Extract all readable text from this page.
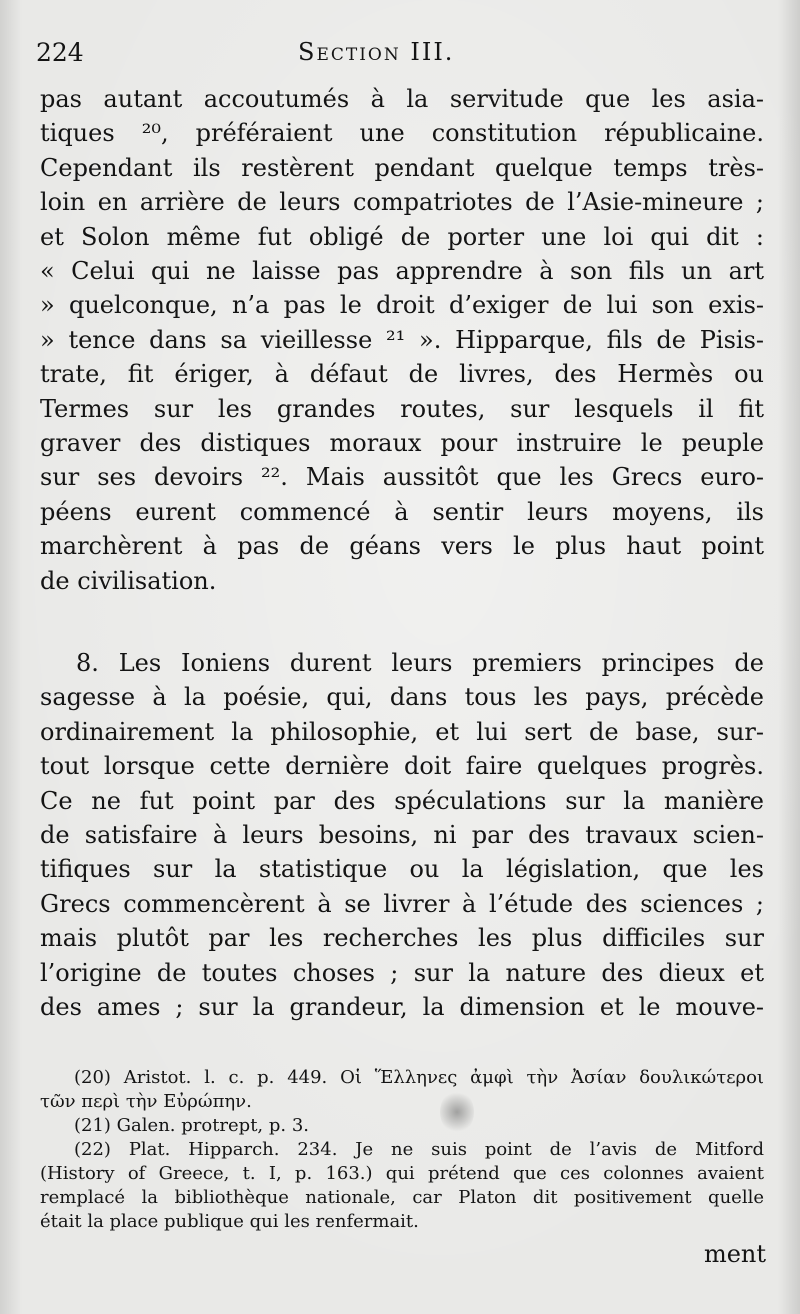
224	Section III.
pas autant accoutumés à la servitude que les asia-
tiques ²⁰, préféraient une constitution républicaine.
Cependant ils restèrent pendant quelque temps très-
loin en arrière de leurs compatriotes de l’Asie-mineure ;
et Solon même fut obligé de porter une loi qui dit :
« Celui qui ne laisse pas apprendre à son fils un art
» quelconque, n’a pas le droit d’exiger de lui son exis-
» tence dans sa vieillesse ²¹ ». Hipparque, fils de Pisis-
trate, fit ériger, à défaut de livres, des Hermès ou
Termes sur les grandes routes, sur lesquels il fit
graver des distiques moraux pour instruire le peuple
sur ses devoirs ²². Mais aussitôt que les Grecs euro-
péens eurent commencé à sentir leurs moyens, ils
marchèrent à pas de géans vers le plus haut point
de civilisation.
8. Les Ioniens durent leurs premiers principes de
sagesse à la poésie, qui, dans tous les pays, précède
ordinairement la philosophie, et lui sert de base, sur-
tout lorsque cette dernière doit faire quelques progrès.
Ce ne fut point par des spéculations sur la manière
de satisfaire à leurs besoins, ni par des travaux scien-
tifiques sur la statistique ou la législation, que les
Grecs commencèrent à se livrer à l’étude des sciences ;
mais plutôt par les recherches les plus difficiles sur
l’origine de toutes choses ; sur la nature des dieux et
des ames ; sur la grandeur, la dimension et le mouve-
(20) Aristot. l. c. p. 449. Οἱ Ἕλληνες ἀμφὶ τὴν Ἀσίαν δουλικώτεροι
τῶν περὶ τὴν Εὐρώπην.
(21) Galen. protrept, p. 3.
(22) Plat. Hipparch. 234. Je ne suis point de l’avis de Mitford
(History of Greece, t. I, p. 163.) qui prétend que ces colonnes avaient
remplacé la bibliothèque nationale, car Platon dit positivement quelle
était la place publique qui les renfermait.
ment
